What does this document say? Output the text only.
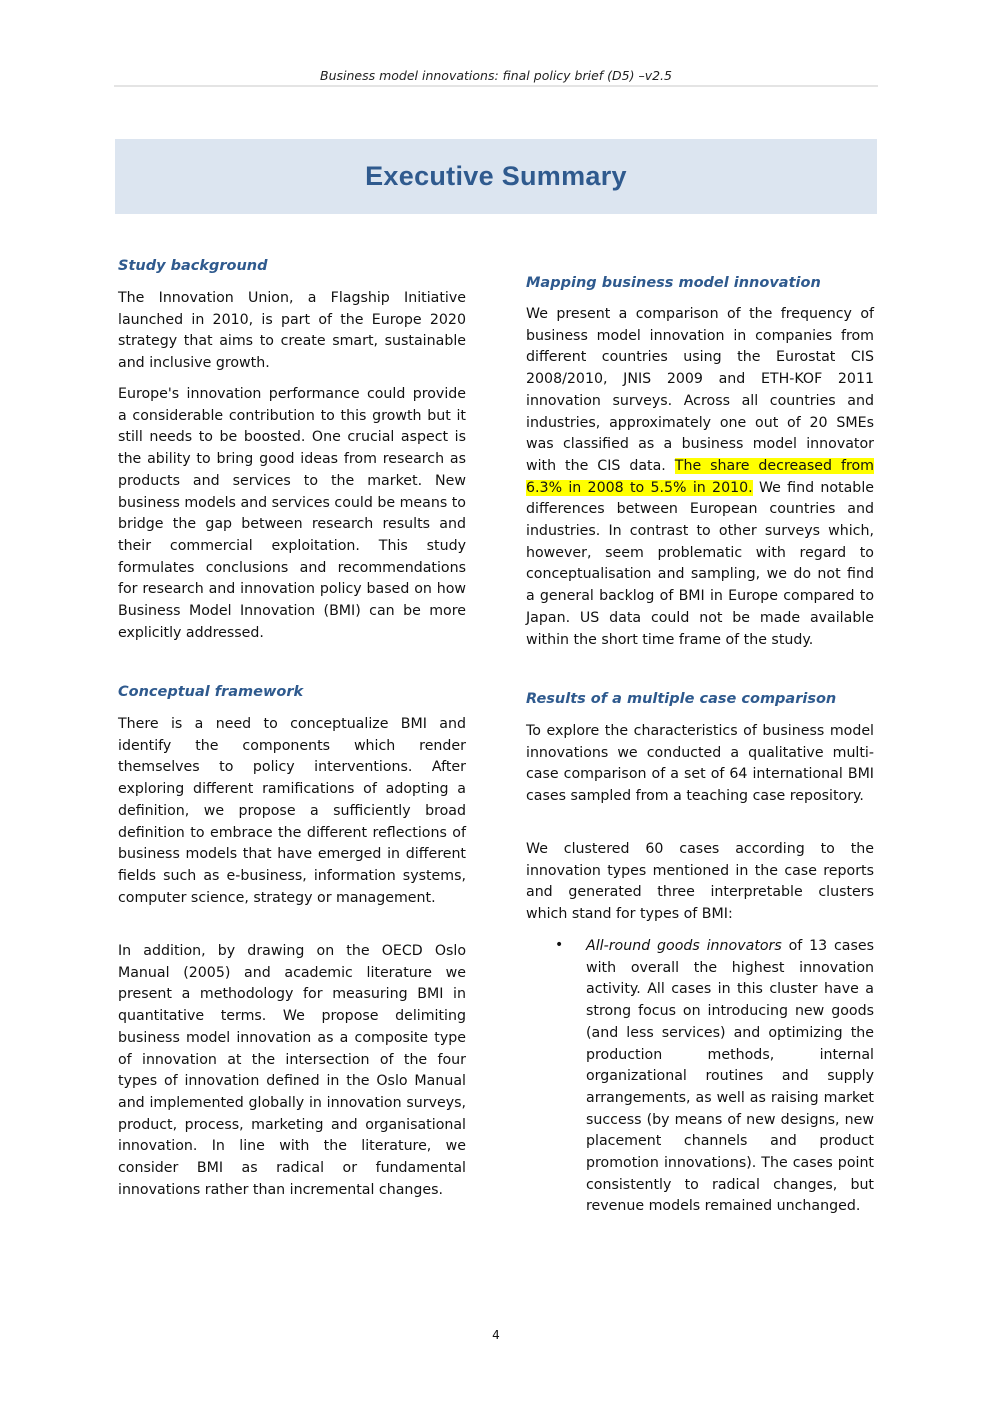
Business model innovations: final policy brief (D5) –v2.5
Executive Summary
Study background

The Innovation Union, a Flagship Initiative launched in 2010, is part of the Europe 2020 strategy that aims to create smart, sustainable and inclusive growth.

Europe's innovation performance could provide a considerable contribution to this growth but it still needs to be boosted. One crucial aspect is the ability to bring good ideas from research as products and services to the market. New business models and services could be means to bridge the gap between research results and their commercial exploitation. This study formulates conclusions and recommendations for research and innovation policy based on how Business Model Innovation (BMI) can be more explicitly addressed.

Conceptual framework

There is a need to conceptualize BMI and identify the components which render themselves to policy interventions. After exploring different ramifications of adopting a definition, we propose a sufficiently broad definition to embrace the different reflections of business models that have emerged in different fields such as e-business, information systems, computer science, strategy or management.

In addition, by drawing on the OECD Oslo Manual (2005) and academic literature we present a methodology for measuring BMI in quantitative terms. We propose delimiting business model innovation as a composite type of innovation at the intersection of the four types of innovation defined in the Oslo Manual and implemented globally in innovation surveys, product, process, marketing and organisational innovation. In line with the literature, we consider BMI as radical or fundamental innovations rather than incremental changes.

Mapping business model innovation

We present a comparison of the frequency of business model innovation in companies from different countries using the Eurostat CIS 2008/2010, JNIS 2009 and ETH-KOF 2011 innovation surveys. Across all countries and industries, approximately one out of 20 SMEs was classified as a business model innovator with the CIS data. The share decreased from 6.3% in 2008 to 5.5% in 2010. We find notable differences between European countries and industries. In contrast to other surveys which, however, seem problematic with regard to conceptualisation and sampling, we do not find a general backlog of BMI in Europe compared to Japan. US data could not be made available within the short time frame of the study.

Results of a multiple case comparison

To explore the characteristics of business model innovations we conducted a qualitative multi-case comparison of a set of 64 international BMI cases sampled from a teaching case repository.

We clustered 60 cases according to the innovation types mentioned in the case reports and generated three interpretable clusters which stand for types of BMI:

• All-round goods innovators of 13 cases with overall the highest innovation activity. All cases in this cluster have a strong focus on introducing new goods (and less services) and optimizing the production methods, internal organizational routines and supply arrangements, as well as raising market success (by means of new designs, new placement channels and product promotion innovations). The cases point consistently to radical changes, but revenue models remained unchanged.

4
